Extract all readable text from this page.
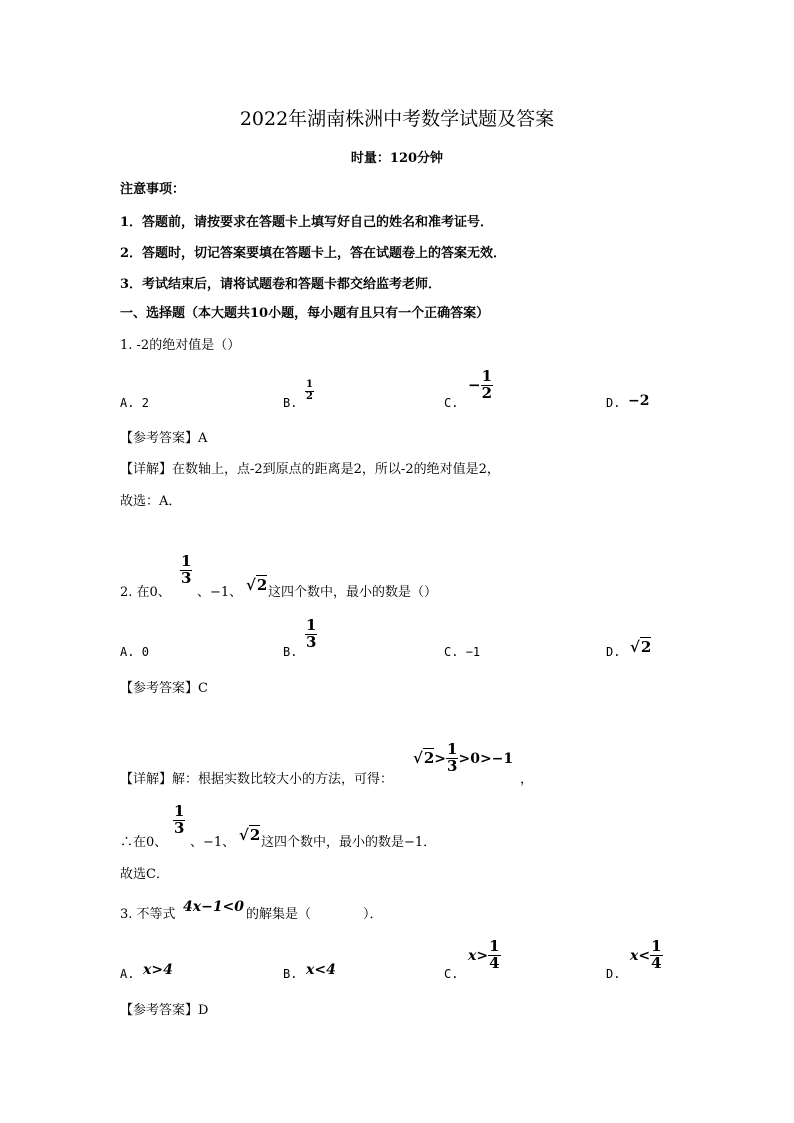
2022年湖南株洲中考数学试题及答案
时量：120分钟
注意事项：
1．答题前，请按要求在答题卡上填写好自己的姓名和准考证号．
2．答题时，切记答案要填在答题卡上，答在试题卷上的答案无效．
3．考试结束后，请将试题卷和答题卡都交给监考老师．
一、选择题（本大题共10小题，每小题有且只有一个正确答案）
1. -2的绝对值是（）
A. 2	B.
$\frac{1}{2}$
C.
− $\frac{1}{2}$
D. −2
【参考答案】A
【详解】在数轴上，点-2到原点的距离是2，所以-2的绝对值是2，
故选：A．
2. 在0、
$\frac{1}{3}$
、−1、 √2 这四个数中，最小的数是（）
A. 0	B.
$\frac{1}{3}$
C. −1	D. √2
【参考答案】C
【详解】解：根据实数比较大小的方法，可得：
$√2> \frac{1}{3} >0>-1$
，
∴在0、
$\frac{1}{3}$
、−1、 √2 这四个数中，最小的数是−1．
故选C．
3. 不等式 4x−1<0 的解集是（　　　　）．
A. x>4	B. x<4	C.
$x> \frac{1}{4}$
D.
$x< \frac{1}{4}$
【参考答案】D
